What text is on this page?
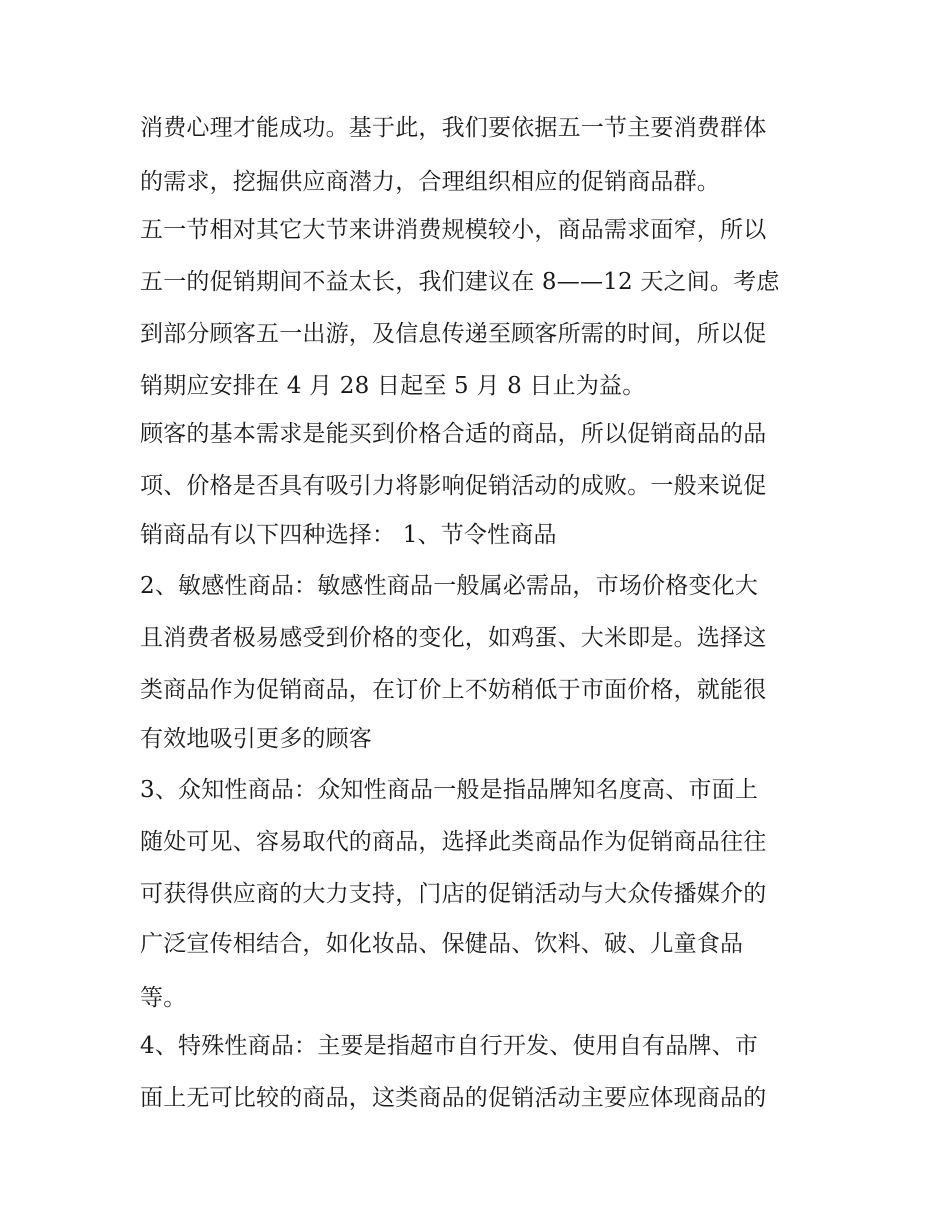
消费心理才能成功。基于此，我们要依据五一节主要消费群体
的需求，挖掘供应商潜力，合理组织相应的促销商品群。
五一节相对其它大节来讲消费规模较小，商品需求面窄，所以
五一的促销期间不益太长，我们建议在 8——12 天之间。考虑
到部分顾客五一出游，及信息传递至顾客所需的时间，所以促
销期应安排在 4 月 28 日起至 5 月 8 日止为益。
顾客的基本需求是能买到价格合适的商品，所以促销商品的品
项、价格是否具有吸引力将影响促销活动的成败。一般来说促
销商品有以下四种选择： 1、节令性商品
2、敏感性商品：敏感性商品一般属必需品，市场价格变化大
且消费者极易感受到价格的变化，如鸡蛋、大米即是。选择这
类商品作为促销商品，在订价上不妨稍低于市面价格，就能很
有效地吸引更多的顾客
3、众知性商品：众知性商品一般是指品牌知名度高、市面上
随处可见、容易取代的商品，选择此类商品作为促销商品往往
可获得供应商的大力支持，门店的促销活动与大众传播媒介的
广泛宣传相结合，如化妆品、保健品、饮料、破、儿童食品
等。
4、特殊性商品：主要是指超市自行开发、使用自有品牌、市
面上无可比较的商品，这类商品的促销活动主要应体现商品的
